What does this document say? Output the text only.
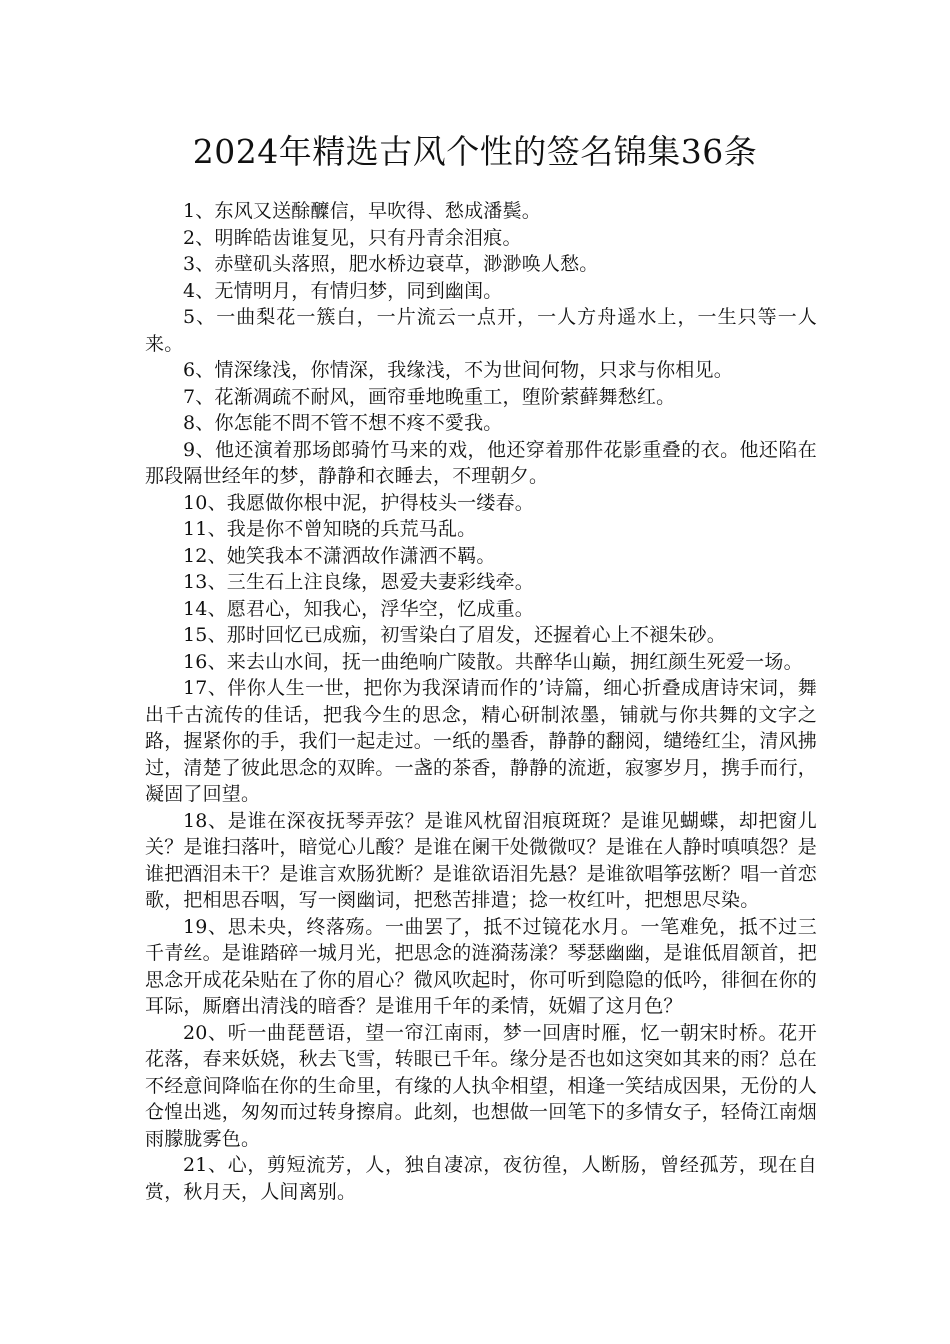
2024年精选古风个性的签名锦集36条

1、东风又送酴醾信，早吹得、愁成潘鬓。

2、明眸皓齿谁复见，只有丹青余泪痕。

3、赤壁矶头落照，肥水桥边衰草，渺渺唤人愁。

4、无情明月，有情归梦，同到幽闺。

5、一曲梨花一簇白，一片流云一点开，一人方舟遥水上，一生只等一人来。

6、情深缘浅，你情深，我缘浅，不为世间何物，只求与你相见。

7、花渐凋疏不耐风，画帘垂地晚重工，堕阶萦藓舞愁红。

8、你怎能不問不管不想不疼不愛我。

9、他还演着那场郎骑竹马来的戏，他还穿着那件花影重叠的衣。他还陷在那段隔世经年的梦，静静和衣睡去，不理朝夕。

10、我愿做你根中泥，护得枝头一缕春。

11、我是你不曾知晓的兵荒马乱。

12、她笑我本不潇洒故作潇洒不羁。

13、三生石上注良缘，恩爱夫妻彩线牵。

14、愿君心，知我心，浮华空，忆成重。

15、那时回忆已成痂，初雪染白了眉发，还握着心上不褪朱砂。

16、来去山水间，抚一曲绝响广陵散。共醉华山巅，拥红颜生死爱一场。

17、伴你人生一世，把你为我深请而作的’诗篇，细心折叠成唐诗宋词，舞出千古流传的佳话，把我今生的思念，精心研制浓墨，铺就与你共舞的文字之路，握紧你的手，我们一起走过。一纸的墨香，静静的翻阅，缱绻红尘，清风拂过，清楚了彼此思念的双眸。一盏的茶香，静静的流逝，寂寥岁月，携手而行，凝固了回望。

18、是谁在深夜抚琴弄弦？是谁风枕留泪痕斑斑？是谁见蝴蝶，却把窗儿关？是谁扫落叶，暗觉心儿酸？是谁在阑干处微微叹？是谁在人静时嗔嗔怨？是谁把酒泪未干？是谁言欢肠犹断？是谁欲语泪先悬？是谁欲唱筝弦断？唱一首恋歌，把相思吞咽，写一阕幽词，把愁苦排遣；捻一枚红叶，把想思尽染。

19、思未央，终落殇。一曲罢了，抵不过镜花水月。一笔难免，抵不过三千青丝。是谁踏碎一城月光，把思念的涟漪荡漾？琴瑟幽幽，是谁低眉颔首，把思念开成花朵贴在了你的眉心？微风吹起时，你可听到隐隐的低吟，徘徊在你的耳际，厮磨出清浅的暗香？是谁用千年的柔情，妩媚了这月色？

20、听一曲琵琶语，望一帘江南雨，梦一回唐时雁，忆一朝宋时桥。花开花落，春来妖娆，秋去飞雪，转眼已千年。缘分是否也如这突如其来的雨？总在不经意间降临在你的生命里，有缘的人执伞相望，相逢一笑结成因果，无份的人仓惶出逃，匆匆而过转身擦肩。此刻，也想做一回笔下的多情女子，轻倚江南烟雨朦胧雾色。

21、心，剪短流芳，人，独自凄凉，夜彷徨，人断肠，曾经孤芳，现在自赏，秋月天，人间离别。
